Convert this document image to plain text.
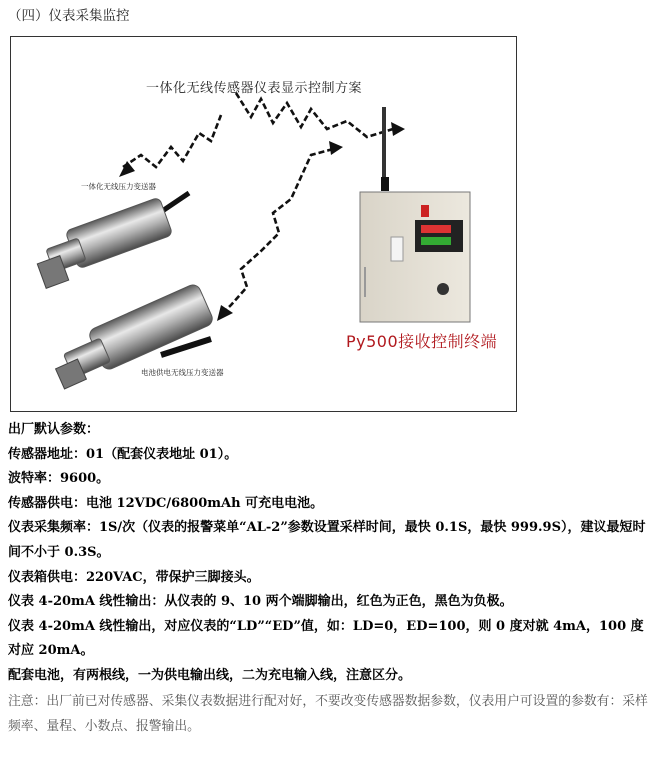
（四）仪表采集监控
一体化无线传感器仪表显示控制方案
一体化无线压力变送器
电池供电无线压力变送器
Py500接收控制终端
出厂默认参数：
传感器地址：01（配套仪表地址 01）。
波特率：9600。
传感器供电：电池 12VDC/6800mAh 可充电电池。
仪表采集频率：1S/次（仪表的报警菜单“AL-2”参数设置采样时间，最快 0.1S，最快 999.9S），建议最短时间不小于 0.3S。
仪表箱供电：220VAC，带保护三脚接头。
仪表 4-20mA 线性输出：从仪表的 9、10 两个端脚输出，红色为正色，黑色为负极。
仪表 4-20mA 线性输出，对应仪表的“LD”“ED”值，如：LD=0，ED=100，则 0 度对就 4mA，100 度对应 20mA。
配套电池，有两根线，一为供电输出线，二为充电输入线，注意区分。
注意：出厂前已对传感器、采集仪表数据进行配对好，不要改变传感器数据参数，仪表用户可设置的参数有：采样频率、量程、小数点、报警输出。
